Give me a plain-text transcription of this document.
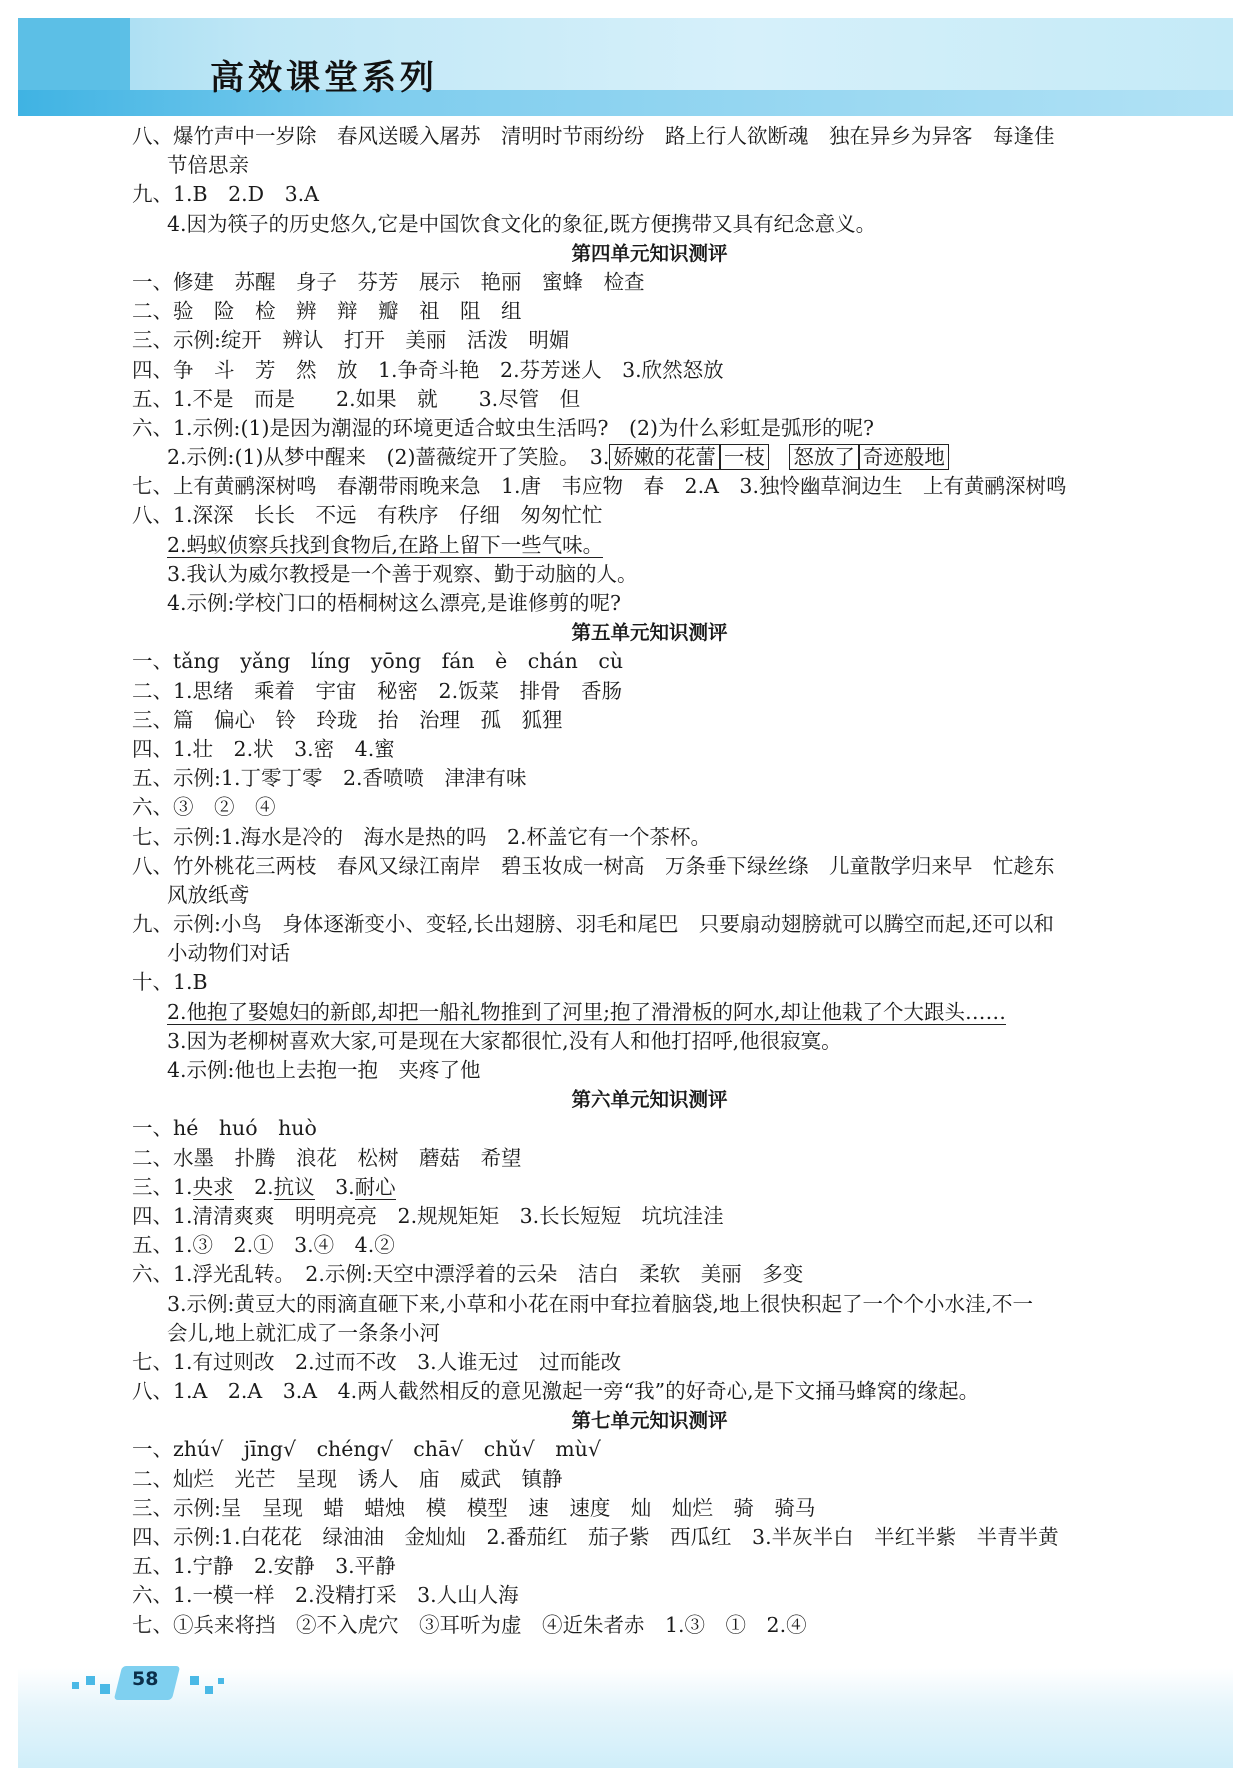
高效课堂系列
八、爆竹声中一岁除　春风送暖入屠苏　清明时节雨纷纷　路上行人欲断魂　独在异乡为异客　每逢佳
节倍思亲
九、1.B　2.D　3.A
4.因为筷子的历史悠久,它是中国饮食文化的象征,既方便携带又具有纪念意义。
第四单元知识测评
一、修建　苏醒　身子　芬芳　展示　艳丽　蜜蜂　检查
二、验　险　检　辨　辩　瓣　祖　阻　组
三、示例:绽开　辨认　打开　美丽　活泼　明媚
四、争　斗　芳　然　放　1.争奇斗艳　2.芬芳迷人　3.欣然怒放
五、1.不是　而是　　2.如果　就　　3.尽管　但
六、1.示例:(1)是因为潮湿的环境更适合蚊虫生活吗?　(2)为什么彩虹是弧形的呢?
2.示例:(1)从梦中醒来　(2)蔷薇绽开了笑脸。　3. 娇嫩的花蕾 一枝　 怒放了 奇迹般地
七、上有黄鹂深树鸣　春潮带雨晚来急　1.唐　韦应物　春　2.A　3.独怜幽草涧边生　上有黄鹂深树鸣
八、1.深深　长长　不远　有秩序　仔细　匆匆忙忙
2.蚂蚁侦察兵找到食物后,在路上留下一些气味。
3.我认为威尔教授是一个善于观察、勤于动脑的人。
4.示例:学校门口的梧桐树这么漂亮,是谁修剪的呢?
第五单元知识测评
一、tǎng　yǎng　líng　yōng　fán　è　chán　cù
二、1.思绪　乘着　宇宙　秘密　2.饭菜　排骨　香肠
三、篇　偏心　铃　玲珑　抬　治理　孤　狐狸
四、1.壮　2.状　3.密　4.蜜
五、示例:1.丁零丁零　2.香喷喷　津津有味
六、③　②　④
七、示例:1.海水是冷的　海水是热的吗　2.杯盖它有一个茶杯。
八、竹外桃花三两枝　春风又绿江南岸　碧玉妆成一树高　万条垂下绿丝绦　儿童散学归来早　忙趁东
风放纸鸢
九、示例:小鸟　身体逐渐变小、变轻,长出翅膀、羽毛和尾巴　只要扇动翅膀就可以腾空而起,还可以和
小动物们对话
十、1.B
2.他抱了娶媳妇的新郎,却把一船礼物推到了河里;抱了滑滑板的阿水,却让他栽了个大跟头……
3.因为老柳树喜欢大家,可是现在大家都很忙,没有人和他打招呼,他很寂寞。
4.示例:他也上去抱一抱　夹疼了他
第六单元知识测评
一、hé　huó　huò
二、水墨　扑腾　浪花　松树　蘑菇　希望
三、1.央求　 2.抗议　 3.耐心
四、1.清清爽爽　明明亮亮　2.规规矩矩　3.长长短短　坑坑洼洼
五、1.③　2.①　3.④　4.②
六、1.浮光乱转。　2.示例:天空中漂浮着的云朵　洁白　柔软　美丽　多变
3.示例:黄豆大的雨滴直砸下来,小草和小花在雨中耷拉着脑袋,地上很快积起了一个个小水洼,不一
会儿,地上就汇成了一条条小河
七、1.有过则改　2.过而不改　3.人谁无过　过而能改
八、1.A　2.A　3.A　4.两人截然相反的意见激起一旁“我”的好奇心,是下文捅马蜂窝的缘起。
第七单元知识测评
一、zhú√　jīng√　chéng√　chā√　chǔ√　mù√
二、灿烂　光芒　呈现　诱人　庙　威武　镇静
三、示例:呈　呈现　蜡　蜡烛　模　模型　速　速度　灿　灿烂　骑　骑马
四、示例:1.白花花　绿油油　金灿灿　2.番茄红　茄子紫　西瓜红　3.半灰半白　半红半紫　半青半黄
五、1.宁静　2.安静　3.平静
六、1.一模一样　2.没精打采　3.人山人海
七、①兵来将挡　②不入虎穴　③耳听为虚　④近朱者赤　1.③　①　2.④

58
